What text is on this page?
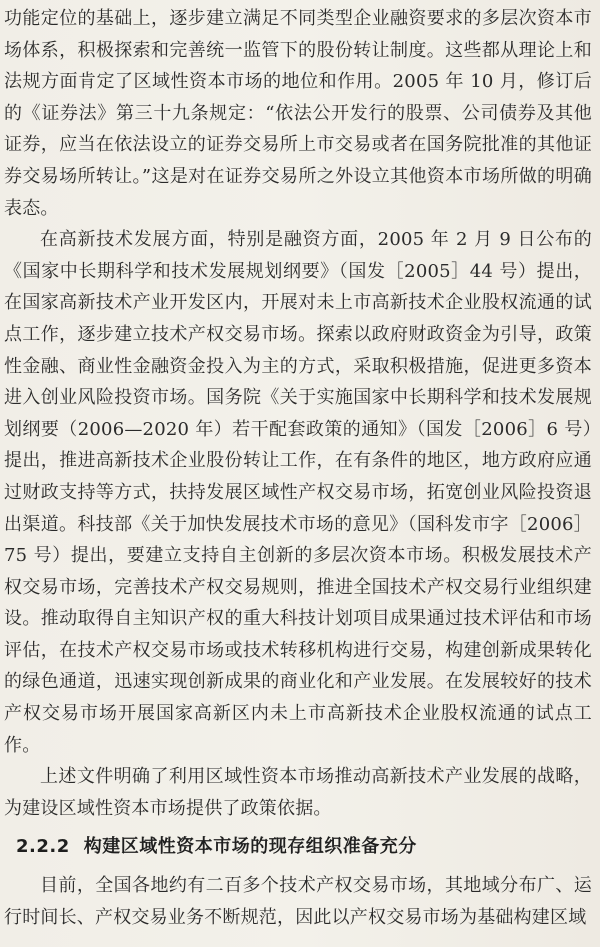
功能定位的基础上，逐步建立满足不同类型企业融资要求的多层次资本市场体系，积极探索和完善统一监管下的股份转让制度。这些都从理论上和法规方面肯定了区域性资本市场的地位和作用。2005 年 10 月，修订后的《证券法》第三十九条规定：“依法公开发行的股票、公司债券及其他证券，应当在依法设立的证券交易所上市交易或者在国务院批准的其他证券交易场所转让。”这是对在证券交易所之外设立其他资本市场所做的明确表态。

在高新技术发展方面，特别是融资方面，2005 年 2 月 9 日公布的《国家中长期科学和技术发展规划纲要》（国发［2005］44 号）提出，在国家高新技术产业开发区内，开展对未上市高新技术企业股权流通的试点工作，逐步建立技术产权交易市场。探索以政府财政资金为引导，政策性金融、商业性金融资金投入为主的方式，采取积极措施，促进更多资本进入创业风险投资市场。国务院《关于实施国家中长期科学和技术发展规划纲要（2006—2020 年）若干配套政策的通知》（国发［2006］6 号）提出，推进高新技术企业股份转让工作，在有条件的地区，地方政府应通过财政支持等方式，扶持发展区域性产权交易市场，拓宽创业风险投资退出渠道。科技部《关于加快发展技术市场的意见》（国科发市字［2006］75 号）提出，要建立支持自主创新的多层次资本市场。积极发展技术产权交易市场，完善技术产权交易规则，推进全国技术产权交易行业组织建设。推动取得自主知识产权的重大科技计划项目成果通过技术评估和市场评估，在技术产权交易市场或技术转移机构进行交易，构建创新成果转化的绿色通道，迅速实现创新成果的商业化和产业发展。在发展较好的技术产权交易市场开展国家高新区内未上市高新技术企业股权流通的试点工作。

上述文件明确了利用区域性资本市场推动高新技术产业发展的战略，为建设区域性资本市场提供了政策依据。

2.2.2 构建区域性资本市场的现存组织准备充分

目前，全国各地约有二百多个技术产权交易市场，其地域分布广、运行时间长、产权交易业务不断规范，因此以产权交易市场为基础构建区域
